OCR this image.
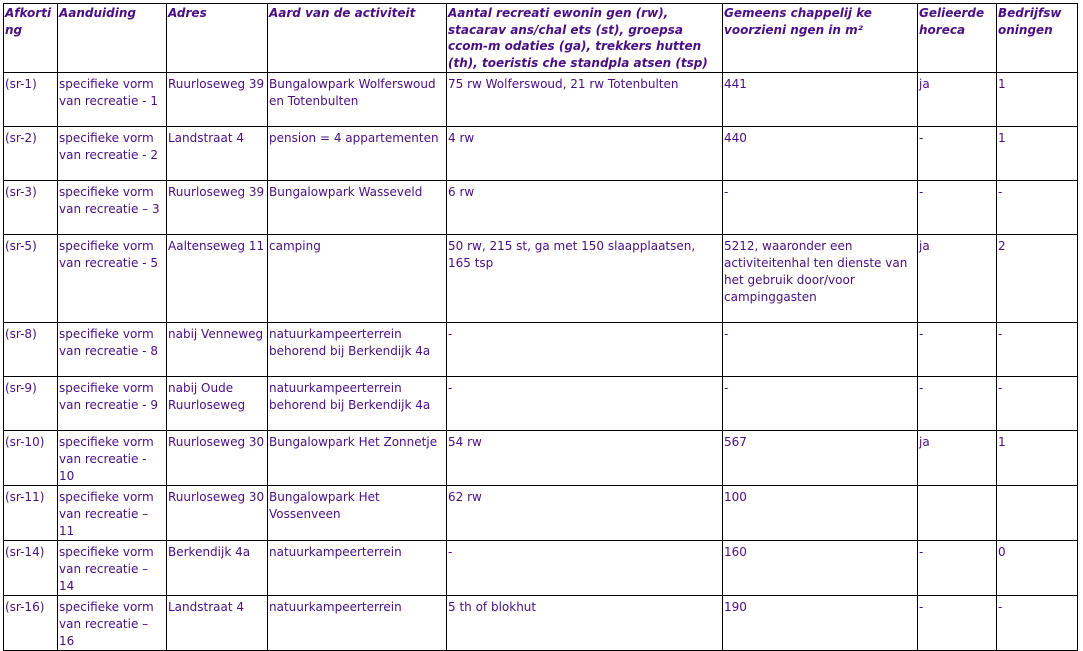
Afkorti ng	Aanduiding	Adres	Aard van de activiteit	Aantal recreati ewonin gen (rw), stacarav ans/chal ets (st), groepsa ccom-m odaties (ga), trekkers hutten (th), toeristis che standpla atsen (tsp)	Gemeens chappelij ke voorzieni ngen in m²	Gelieerde horeca	Bedrijfsw oningen
(sr-1)	specifieke vorm van recreatie - 1	Ruurloseweg 39	Bungalowpark Wolferswoud en Totenbulten	75 rw Wolferswoud, 21 rw Totenbulten	441	ja	1
(sr-2)	specifieke vorm van recreatie - 2	Landstraat 4	pension = 4 appartementen	4 rw	440	-	1
(sr-3)	specifieke vorm van recreatie – 3	Ruurloseweg 39	Bungalowpark Wasseveld	6 rw	-	-	-
(sr-5)	specifieke vorm van recreatie - 5	Aaltenseweg 11	camping	50 rw, 215 st, ga met 150 slaapplaatsen, 165 tsp	5212, waaronder een activiteitenhal ten dienste van het gebruik door/voor campinggasten	ja	2
(sr-8)	specifieke vorm van recreatie - 8	nabij Venneweg	natuurkampeerterrein behorend bij Berkendijk 4a	-	-	-	-
(sr-9)	specifieke vorm van recreatie - 9	nabij Oude Ruurloseweg	natuurkampeerterrein behorend bij Berkendijk 4a	-	-	-	-
(sr-10)	specifieke vorm van recreatie - 10	Ruurloseweg 30	Bungalowpark Het Zonnetje	54 rw	567	ja	1
(sr-11)	specifieke vorm van recreatie – 11	Ruurloseweg 30	Bungalowpark Het Vossenveen	62 rw	100		
(sr-14)	specifieke vorm van recreatie – 14	Berkendijk 4a	natuurkampeerterrein	-	160	-	0
(sr-16)	specifieke vorm van recreatie – 16	Landstraat 4	natuurkampeerterrein	5 th of blokhut	190	-	-
